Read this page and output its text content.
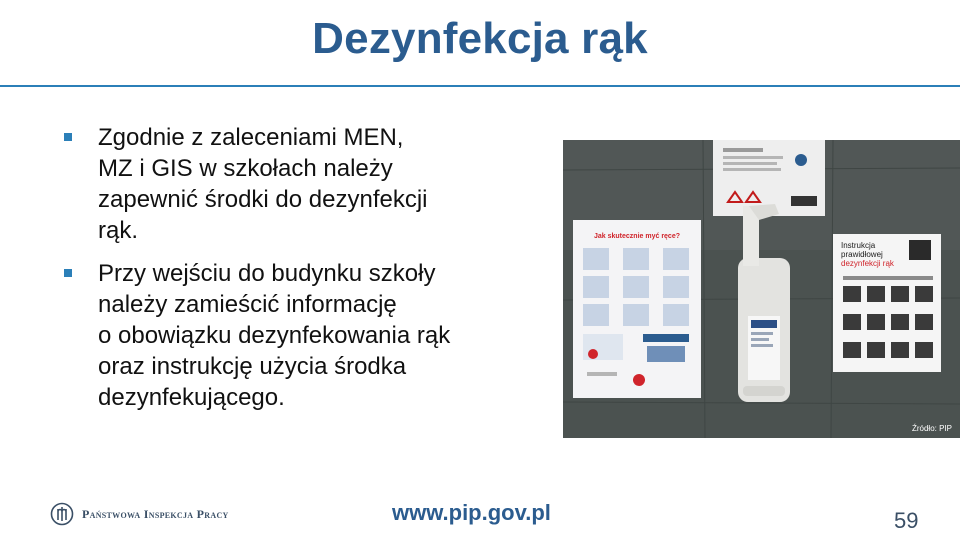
Dezynfekcja rąk
Zgodnie z zaleceniami MEN,
MZ i GIS w szkołach należy
zapewnić środki do dezynfekcji
rąk.
Przy wejściu do budynku szkoły
należy zamieścić informację
o obowiązku dezynfekowania rąk
oraz instrukcję użycia środka
dezynfekującego.
Jak skutecznie myć ręce?
Instrukcja
prawidłowej
dezynfekcji rąk
Źródło: PIP
Państwowa Inspekcja Pracy	www.pip.gov.pl	59
